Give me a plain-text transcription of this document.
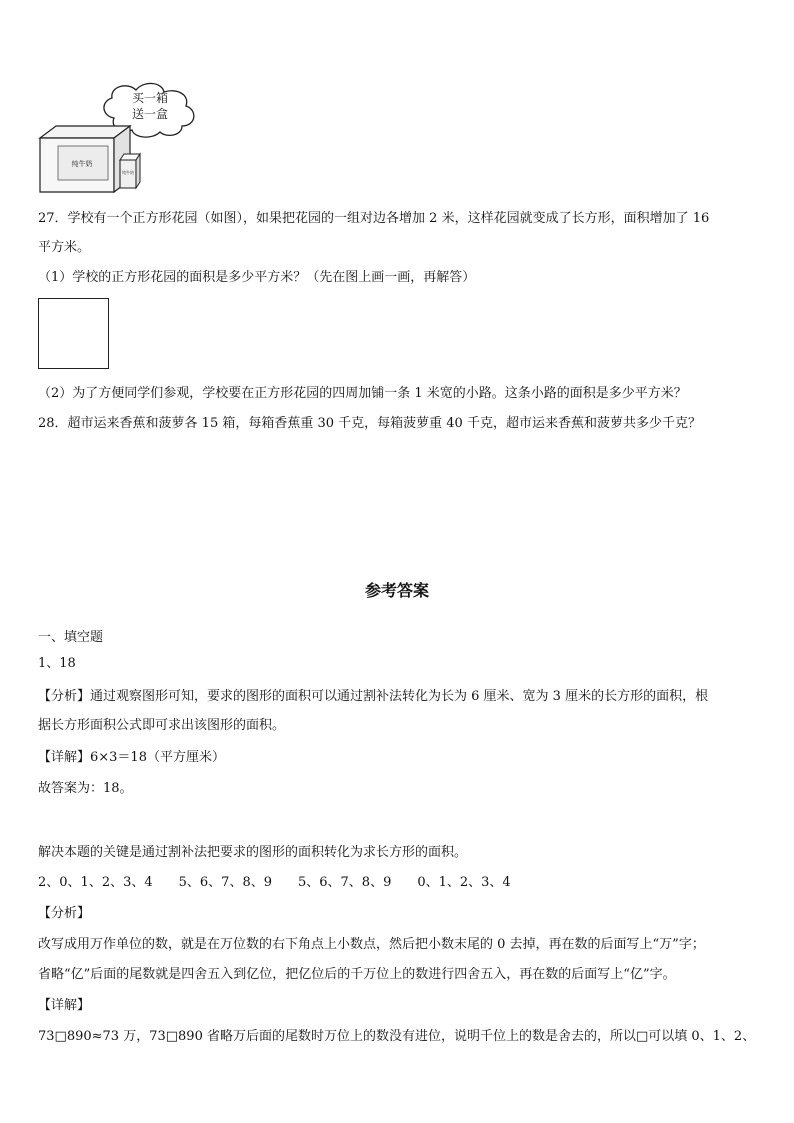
买一箱
送一盒
纯牛奶
纯牛奶
27．学校有一个正方形花园（如图），如果把花园的一组对边各增加 2 米，这样花园就变成了长方形，面积增加了 16
平方米。
（1）学校的正方形花园的面积是多少平方米？（先在图上画一画，再解答）
（2）为了方便同学们参观，学校要在正方形花园的四周加铺一条 1 米宽的小路。这条小路的面积是多少平方米？
28．超市运来香蕉和菠萝各 15 箱，每箱香蕉重 30 千克，每箱菠萝重 40 千克，超市运来香蕉和菠萝共多少千克？
参考答案
一、填空题
1、18
【分析】通过观察图形可知，要求的图形的面积可以通过割补法转化为长为 6 厘米、宽为 3 厘米的长方形的面积，根
据长方形面积公式即可求出该图形的面积。
【详解】6×3＝18（平方厘米）
故答案为：18。
解决本题的关键是通过割补法把要求的图形的面积转化为求长方形的面积。
2、0、1、2、3、4　　5、6、7、8、9　　5、6、7、8、9　　0、1、2、3、4
【分析】
改写成用万作单位的数，就是在万位数的右下角点上小数点，然后把小数末尾的 0 去掉，再在数的后面写上“万”字；
省略“亿”后面的尾数就是四舍五入到亿位，把亿位后的千万位上的数进行四舍五入，再在数的后面写上“亿”字。
【详解】
73□890≈73 万，73□890 省略万后面的尾数时万位上的数没有进位，说明千位上的数是舍去的，所以□可以填 0、1、2、
